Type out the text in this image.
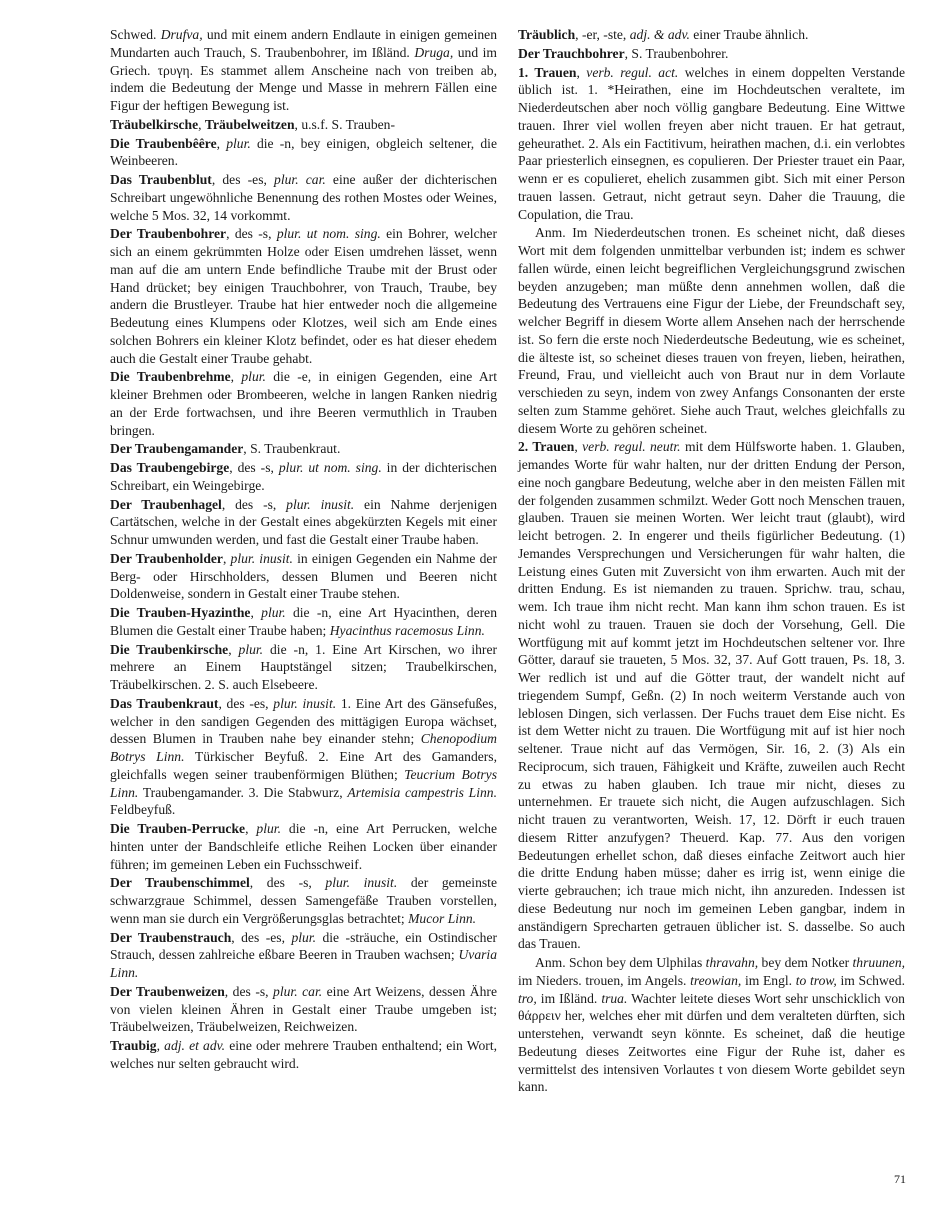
Schwed. Drufva, und mit einem andern Endlaute in einigen gemeinen Mundarten auch Trauch, S. Traubenbohrer, im Ißländ. Druga, und im Griech. τρυγη. Es stammet allem Anscheine nach von treiben ab, indem die Bedeutung der Menge und Masse in mehrern Fällen eine Figur der heftigen Bewegung ist.
Träubelkirsche, Träubelweitzen, u.s.f. S. Trauben-
Die Traubenbêêre, plur. die -n, bey einigen, obgleich seltener, die Weinbeeren.
Das Traubenblut, des -es, plur. car. eine außer der dichterischen Schreibart ungewöhnliche Benennung des rothen Mostes oder Weines, welche 5 Mos. 32, 14 vorkommt.
Der Traubenbohrer, des -s, plur. ut nom. sing. ein Bohrer, welcher sich an einem gekrümmten Holze oder Eisen umdrehen lässet, wenn man auf die am untern Ende befindliche Traube mit der Brust oder Hand drücket; bey einigen Trauchbohrer, von Trauch, Traube, bey andern die Brustleyer. Traube hat hier entweder noch die allgemeine Bedeutung eines Klumpens oder Klotzes, weil sich am Ende eines solchen Bohrers ein kleiner Klotz befindet, oder es hat dieser ehedem auch die Gestalt einer Traube gehabt.
Die Traubenbrehme, plur. die -e, in einigen Gegenden, eine Art kleiner Brehmen oder Brombeeren, welche in langen Ranken niedrig an der Erde fortwachsen, und ihre Beeren vermuthlich in Trauben bringen.
Der Traubengamander, S. Traubenkraut.
Das Traubengebirge, des -s, plur. ut nom. sing. in der dichterischen Schreibart, ein Weingebirge.
Der Traubenhagel, des -s, plur. inusit. ein Nahme derjenigen Cartätschen, welche in der Gestalt eines abgekürzten Kegels mit einer Schnur umwunden werden, und fast die Gestalt einer Traube haben.
Der Traubenholder, plur. inusit. in einigen Gegenden ein Nahme der Berg- oder Hirschholders, dessen Blumen und Beeren nicht Doldenweise, sondern in Gestalt einer Traube stehen.
Die Trauben-Hyazinthe, plur. die -n, eine Art Hyacinthen, deren Blumen die Gestalt einer Traube haben; Hyacinthus racemosus Linn.
Die Traubenkirsche, plur. die -n, 1. Eine Art Kirschen, wo ihrer mehrere an Einem Hauptstängel sitzen; Traubelkirschen, Träubelkirschen. 2. S. auch Elsebeere.
Das Traubenkraut, des -es, plur. inusit. 1. Eine Art des Gänsefußes, welcher in den sandigen Gegenden des mittägigen Europa wächset, dessen Blumen in Trauben nahe bey einander stehn; Chenopodium Botrys Linn. Türkischer Beyfuß. 2. Eine Art des Gamanders, gleichfalls wegen seiner traubenförmigen Blüthen; Teucrium Botrys Linn. Traubengamander. 3. Die Stabwurz, Artemisia campestris Linn. Feldbeyfuß.
Die Trauben-Perrucke, plur. die -n, eine Art Perrucken, welche hinten unter der Bandschleife etliche Reihen Locken über einander führen; im gemeinen Leben ein Fuchsschweif.
Der Traubenschimmel, des -s, plur. inusit. der gemeinste schwarzgraue Schimmel, dessen Samengefäße Trauben vorstellen, wenn man sie durch ein Vergrößerungsglas betrachtet; Mucor Linn.
Der Traubenstrauch, des -es, plur. die -sträuche, ein Ostindischer Strauch, dessen zahlreiche eßbare Beeren in Trauben wachsen; Uvaria Linn.
Der Traubenweizen, des -s, plur. car. eine Art Weizens, dessen Ähre von vielen kleinen Ähren in Gestalt einer Traube umgeben ist; Träubelweizen, Träubelweizen, Reichweizen.
Traubig, adj. et adv. eine oder mehrere Trauben enthaltend; ein Wort, welches nur selten gebraucht wird.
Träublich, -er, -ste, adj. & adv. einer Traube ähnlich.
Der Trauchbohrer, S. Traubenbohrer.
1. Trauen, verb. regul. act. welches in einem doppelten Verstande üblich ist. 1. *Heirathen, eine im Hochdeutschen veraltete, im Niederdeutschen aber noch völlig gangbare Bedeutung. Eine Wittwe trauen. Ihrer viel wollen freyen aber nicht trauen. Er hat getraut, geheurathet. 2. Als ein Factitivum, heirathen machen, d.i. ein verlobtes Paar priesterlich einsegnen, es copulieren. Der Priester trauet ein Paar, wenn er es copulieret, ehelich zusammen gibt. Sich mit einer Person trauen lassen. Getraut, nicht getraut seyn. Daher die Trauung, die Copulation, die Trau.
Anm. Im Niederdeutschen tronen. Es scheinet nicht, daß dieses Wort mit dem folgenden unmittelbar verbunden ist; indem es schwer fallen würde, einen leicht begreiflichen Vergleichungsgrund zwischen beyden anzugeben; man müßte denn annehmen wollen, daß die Bedeutung des Vertrauens eine Figur der Liebe, der Freundschaft sey, welcher Begriff in diesem Worte allem Ansehen nach der herrschende ist. So fern die erste noch Niederdeutsche Bedeutung, wie es scheinet, die älteste ist, so scheinet dieses trauen von freyen, lieben, heirathen, Freund, Frau, und vielleicht auch von Braut nur in dem Vorlaute verschieden zu seyn, indem von zwey Anfangs Consonanten der erste selten zum Stamme gehöret. Siehe auch Traut, welches gleichfalls zu diesem Worte zu gehören scheinet.
2. Trauen, verb. regul. neutr. mit dem Hülfsworte haben. 1. Glauben, jemandes Worte für wahr halten, nur der dritten Endung der Person, eine noch gangbare Bedeutung, welche aber in den meisten Fällen mit der folgenden zusammen schmilzt. Weder Gott noch Menschen trauen, glauben. Trauen sie meinen Worten. Wer leicht traut (glaubt), wird leicht betrogen. 2. In engerer und theils figürlicher Bedeutung. (1) Jemandes Versprechungen und Versicherungen für wahr halten, die Leistung eines Guten mit Zuversicht von ihm erwarten. Auch mit der dritten Endung. Es ist niemanden zu trauen. Sprichw. trau, schau, wem. Ich traue ihm nicht recht. Man kann ihm schon trauen. Es ist nicht wohl zu trauen. Trauen sie doch der Vorsehung, Gell. Die Wortfügung mit auf kommt jetzt im Hochdeutschen seltener vor. Ihre Götter, darauf sie traueten, 5 Mos. 32, 37. Auf Gott trauen, Ps. 18, 3. Wer redlich ist und auf die Götter traut, der wandelt nicht auf triegendem Sumpf, Geßn. (2) In noch weiterm Verstande auch von leblosen Dingen, sich verlassen. Der Fuchs trauet dem Eise nicht. Es ist dem Wetter nicht zu trauen. Die Wortfügung mit auf ist hier noch seltener. Traue nicht auf das Vermögen, Sir. 16, 2. (3) Als ein Reciprocum, sich trauen, Fähigkeit und Kräfte, zuweilen auch Recht zu etwas zu haben glauben. Ich traue mir nicht, dieses zu unternehmen. Er trauete sich nicht, die Augen aufzuschlagen. Sich nicht trauen zu verantworten, Weish. 17, 12. Dörft ir euch trauen diesem Ritter anzufygen? Theuerd. Kap. 77. Aus den vorigen Bedeutungen erhellet schon, daß dieses einfache Zeitwort auch hier die dritte Endung haben müsse; daher es irrig ist, wenn einige die vierte gebrauchen; ich traue mich nicht, ihn anzureden. Indessen ist diese Bedeutung nur noch im gemeinen Leben gangbar, indem in anständigern Sprecharten getrauen üblicher ist. S. dasselbe. So auch das Trauen.
Anm. Schon bey dem Ulphilas thravahn, bey dem Notker thruunen, im Nieders. trouen, im Angels. treowian, im Engl. to trow, im Schwed. tro, im Ißländ. trua. Wachter leitete dieses Wort sehr unschicklich von θάρρειν her, welches eher mit dürfen und dem veralteten dürften, sich unterstehen, verwandt seyn könnte. Es scheinet, daß die heutige Bedeutung dieses Zeitwortes eine Figur der Ruhe ist, daher es vermittelst des intensiven Vorlautes t von diesem Worte gebildet seyn kann.
71
